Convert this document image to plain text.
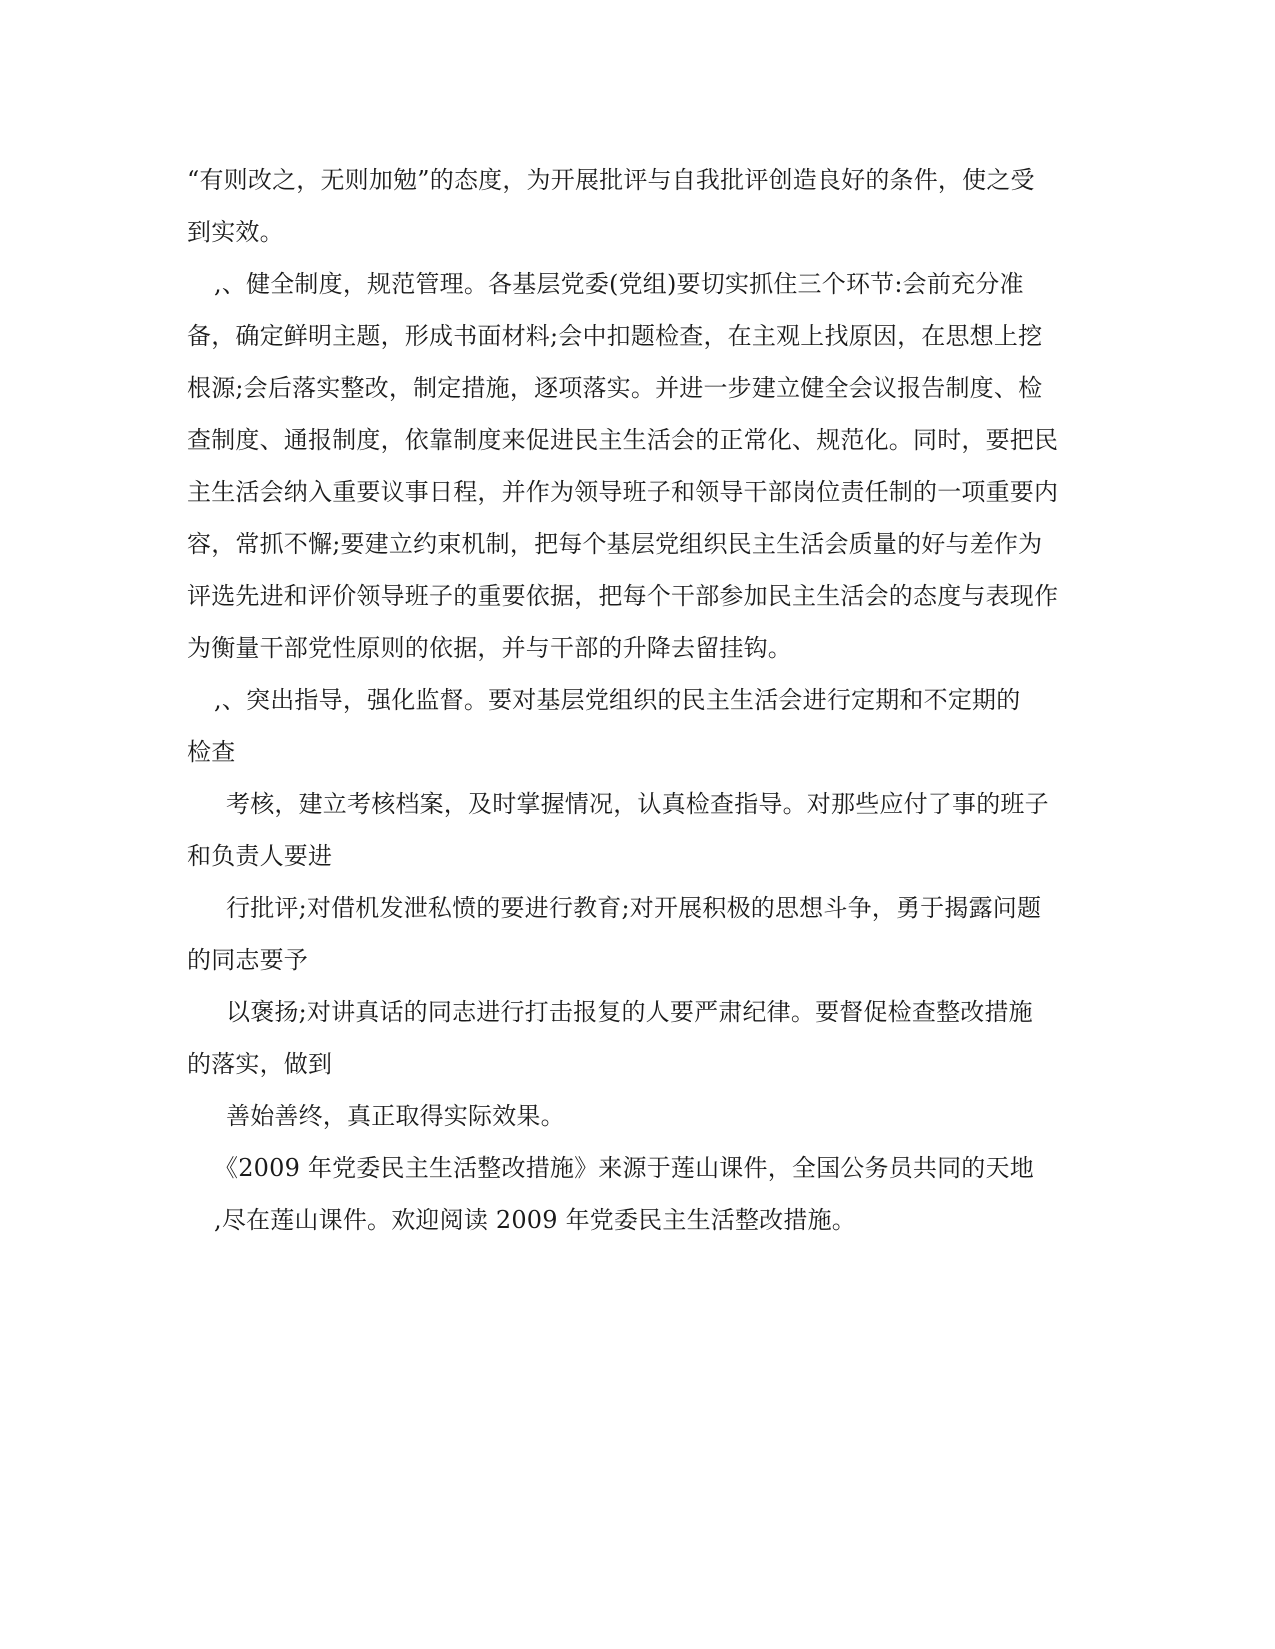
“有则改之，无则加勉”的态度，为开展批评与自我批评创造良好的条件，使之受
到实效。
,、健全制度，规范管理。各基层党委(党组)要切实抓住三个环节:会前充分准
备，确定鲜明主题，形成书面材料;会中扣题检查，在主观上找原因，在思想上挖
根源;会后落实整改，制定措施，逐项落实。并进一步建立健全会议报告制度、检
查制度、通报制度，依靠制度来促进民主生活会的正常化、规范化。同时，要把民
主生活会纳入重要议事日程，并作为领导班子和领导干部岗位责任制的一项重要内
容，常抓不懈;要建立约束机制，把每个基层党组织民主生活会质量的好与差作为
评选先进和评价领导班子的重要依据，把每个干部参加民主生活会的态度与表现作
为衡量干部党性原则的依据，并与干部的升降去留挂钩。
,、突出指导，强化监督。要对基层党组织的民主生活会进行定期和不定期的
检查
考核，建立考核档案，及时掌握情况，认真检查指导。对那些应付了事的班子
和负责人要进
行批评;对借机发泄私愤的要进行教育;对开展积极的思想斗争，勇于揭露问题
的同志要予
以褒扬;对讲真话的同志进行打击报复的人要严肃纪律。要督促检查整改措施
的落实，做到
善始善终，真正取得实际效果。
《2009 年党委民主生活整改措施》来源于莲山课件，全国公务员共同的天地
,尽在莲山课件。欢迎阅读 2009 年党委民主生活整改措施。
